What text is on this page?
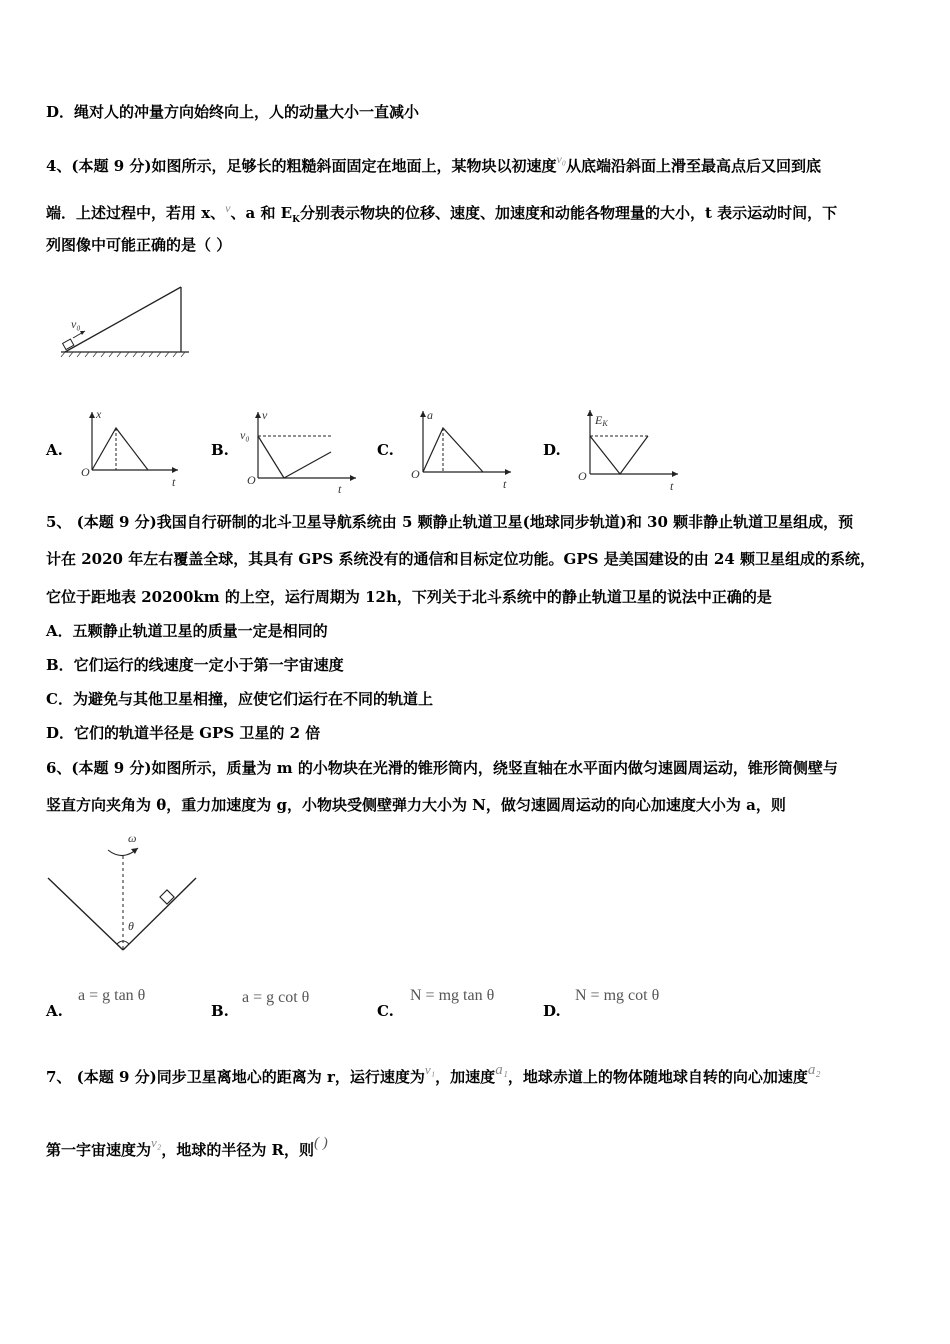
D．绳对人的冲量方向始终向上，人的动量大小一直减小
4、(本题 9 分)如图所示，足够长的粗糙斜面固定在地面上，某物块以初速度$^{v_0}$从底端沿斜面上滑至最高点后又回到底
端．上述过程中，若用 x、$^v$、a 和 $E_K$分别表示物块的位移、速度、加速度和动能各物理量的大小，t 表示运动时间，下
列图像中可能正确的是（ ）
v₀
A.
x
t
O
B.
v
v₀
t
O
C.
a
t
O
D.
EK
t
O
5、 (本题 9 分)我国自行研制的北斗卫星导航系统由 5 颗静止轨道卫星(地球同步轨道)和 30 颗非静止轨道卫星组成，预
计在 2020 年左右覆盖全球，其具有 GPS 系统没有的通信和目标定位功能。GPS 是美国建设的由 24 颗卫星组成的系统，
它位于距地表 20200km 的上空，运行周期为 12h，下列关于北斗系统中的静止轨道卫星的说法中正确的是
A．五颗静止轨道卫星的质量一定是相同的
B．它们运行的线速度一定小于第一宇宙速度
C．为避免与其他卫星相撞，应使它们运行在不同的轨道上
D．它们的轨道半径是 GPS 卫星的 2 倍
6、(本题 9 分)如图所示，质量为 m 的小物块在光滑的锥形筒内，绕竖直轴在水平面内做匀速圆周运动，锥形筒侧壁与
竖直方向夹角为 θ，重力加速度为 g，小物块受侧壁弹力大小为 N，做匀速圆周运动的向心加速度大小为 a，则
ω
θ
A.
a = g tan θ
B.
a = g cot θ
C.
N = mg tan θ
D.
N = mg cot θ
7、 (本题 9 分)同步卫星离地心的距离为 r，运行速度为v₁，加速度a₁，地球赤道上的物体随地球自转的向心加速度a₂
第一宇宙速度为v₂，地球的半径为 R，则( )
